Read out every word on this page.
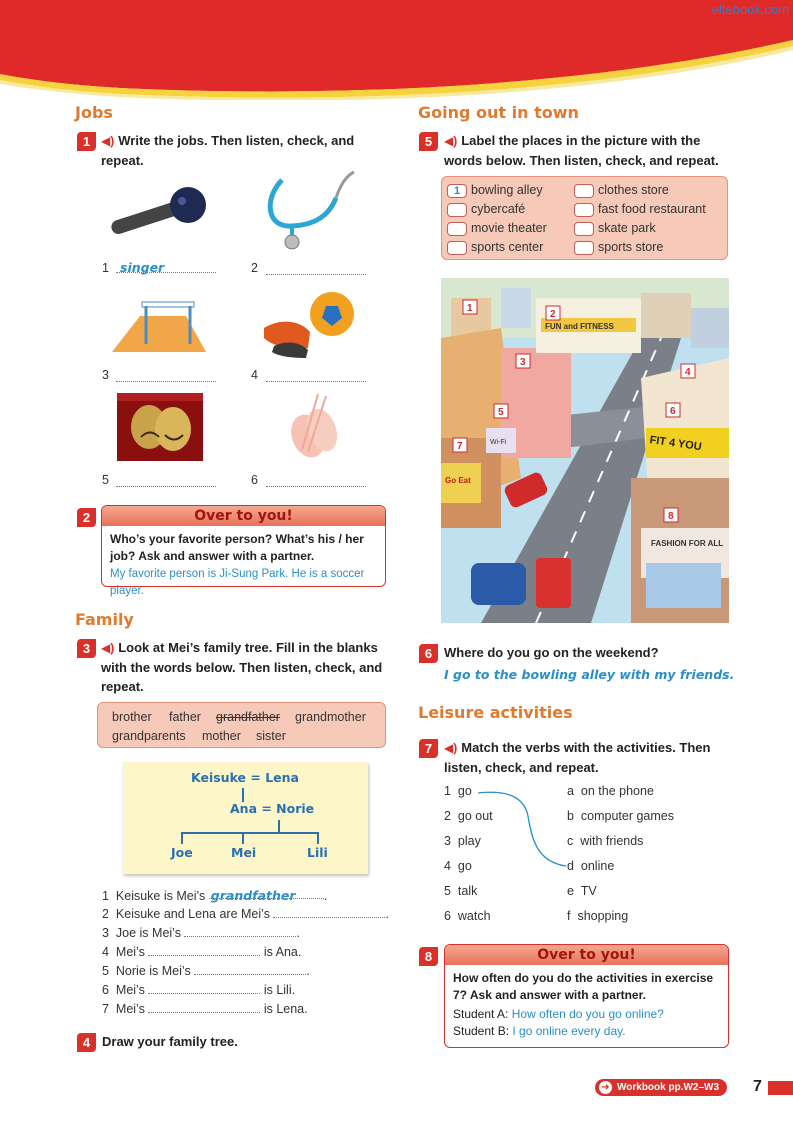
eltebook.com
Jobs
1 ◀) Write the jobs. Then listen, check, and repeat.
1 singer	2
3	4
5	6
2	Over to you!
Who’s your favorite person? What’s his / her job? Ask and answer with a partner.
My favorite person is Ji-Sung Park. He is a soccer player.
Family
3 ◀) Look at Mei’s family tree. Fill in the blanks with the words below. Then listen, check, and repeat.
brother father grandfather grandmother
grandparents mother sister
Keisuke = Lena
Ana = Norie
Joe	Mei	Lili
1 Keisuke is Mei’s grandfather .
2 Keisuke and Lena are Mei’s	.
3 Joe is Mei’s	.
4 Mei’s	is Ana.
5 Norie is Mei’s	.
6 Mei’s	is Lili.
7 Mei’s	is Lena.
4 Draw your family tree.
Going out in town
5 ◀) Label the places in the picture with the words below. Then listen, check, and repeat.
1 bowling alley
cybercafé
movie theater
sports center
clothes store
fast food restaurant
skate park
sports store
FUN and FITNESS
FIT 4 YOU
FASHION FOR ALL
Go Eat
Wi-Fi
1
2
3
4
5	6
7
8
6 Where do you go on the weekend?
I go to the bowling alley with my friends.
Leisure activities
7 ◀) Match the verbs with the activities. Then listen, check, and repeat.
1 go
2 go out
3 play
4 go
5 talk
6 watch
a on the phone
b computer games
c with friends
d online
e TV
f shopping
8	Over to you!
How often do you do the activities in exercise 7? Ask and answer with a partner.
Student A: How often do you go online?
Student B: I go online every day.
➜ Workbook pp.W2–W3	7
